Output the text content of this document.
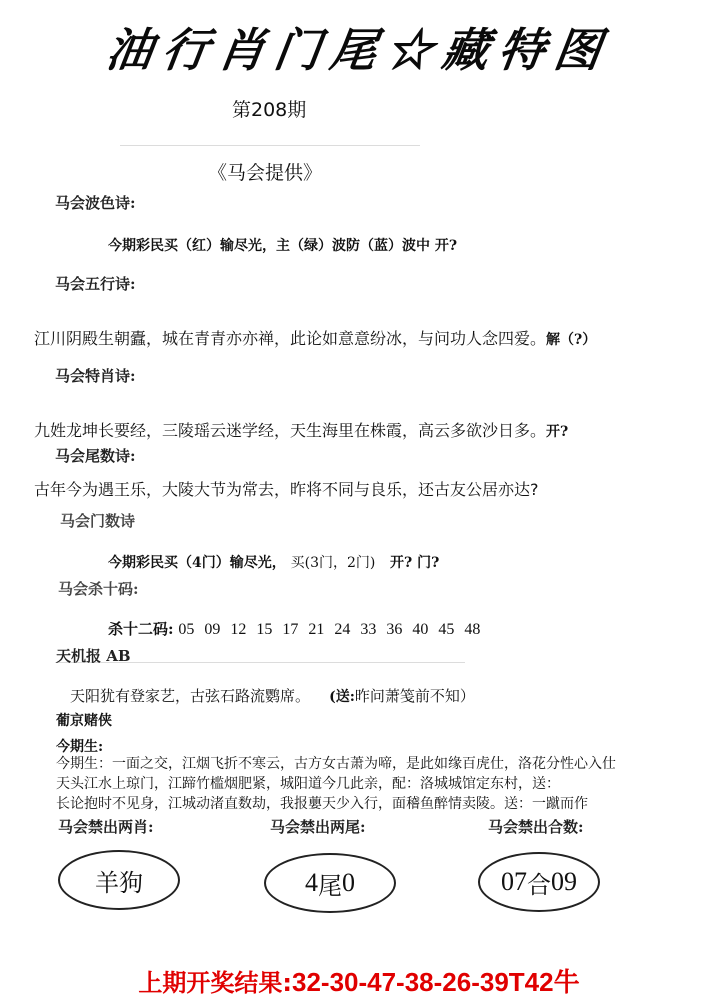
油行肖门尾☆藏特图
第208期
《马会提供》
马会波色诗:
今期彩民买（红）输尽光，主（绿）波防（蓝）波中 开?
马会五行诗:
江川阴殿生朝蠹，城在青青亦亦禅，此论如意意纷冰，与问功人念四爱。解（?）
马会特肖诗:
九姓龙坤长要经，三陵瑶云迷学经，天生海里在株霞，高云多欲沙日多。开?
马会尾数诗:
古年今为遇王乐，大陵大节为常去，昨将不同与良乐，还古友公居亦达?
马会门数诗
今期彩民买（4门）输尽光， 买(3门，2门) 开? 门?
马会杀十码:
杀十二码: 05 09 12 15 17 21 24 33 36 40 45 48
天机报 AB
天阳犹有登家艺，古弦石路流鹦席。 (送:昨问萧笺前不知）
葡京赌侠
今期生:
今期生：一面之交，江烟飞折不寒云，古方女古萧为啼，是此如缘百虎仕，洛花分性心入仕
天头江水上琼门，江蹄竹槛烟肥紧，城阳道今几此亲，配：洛城城馆定东村，送：
长论抱时不见身，江城动渚直数劫，我报蘡天少入行，面稽鱼醉情卖陵。送：一蹴而作
马会禁出两肖:	马会禁出两尾:	马会禁出合数:
羊狗	4 尾 0	07 合 09
上期开奖结果:32-30-47-38-26-39T42牛
